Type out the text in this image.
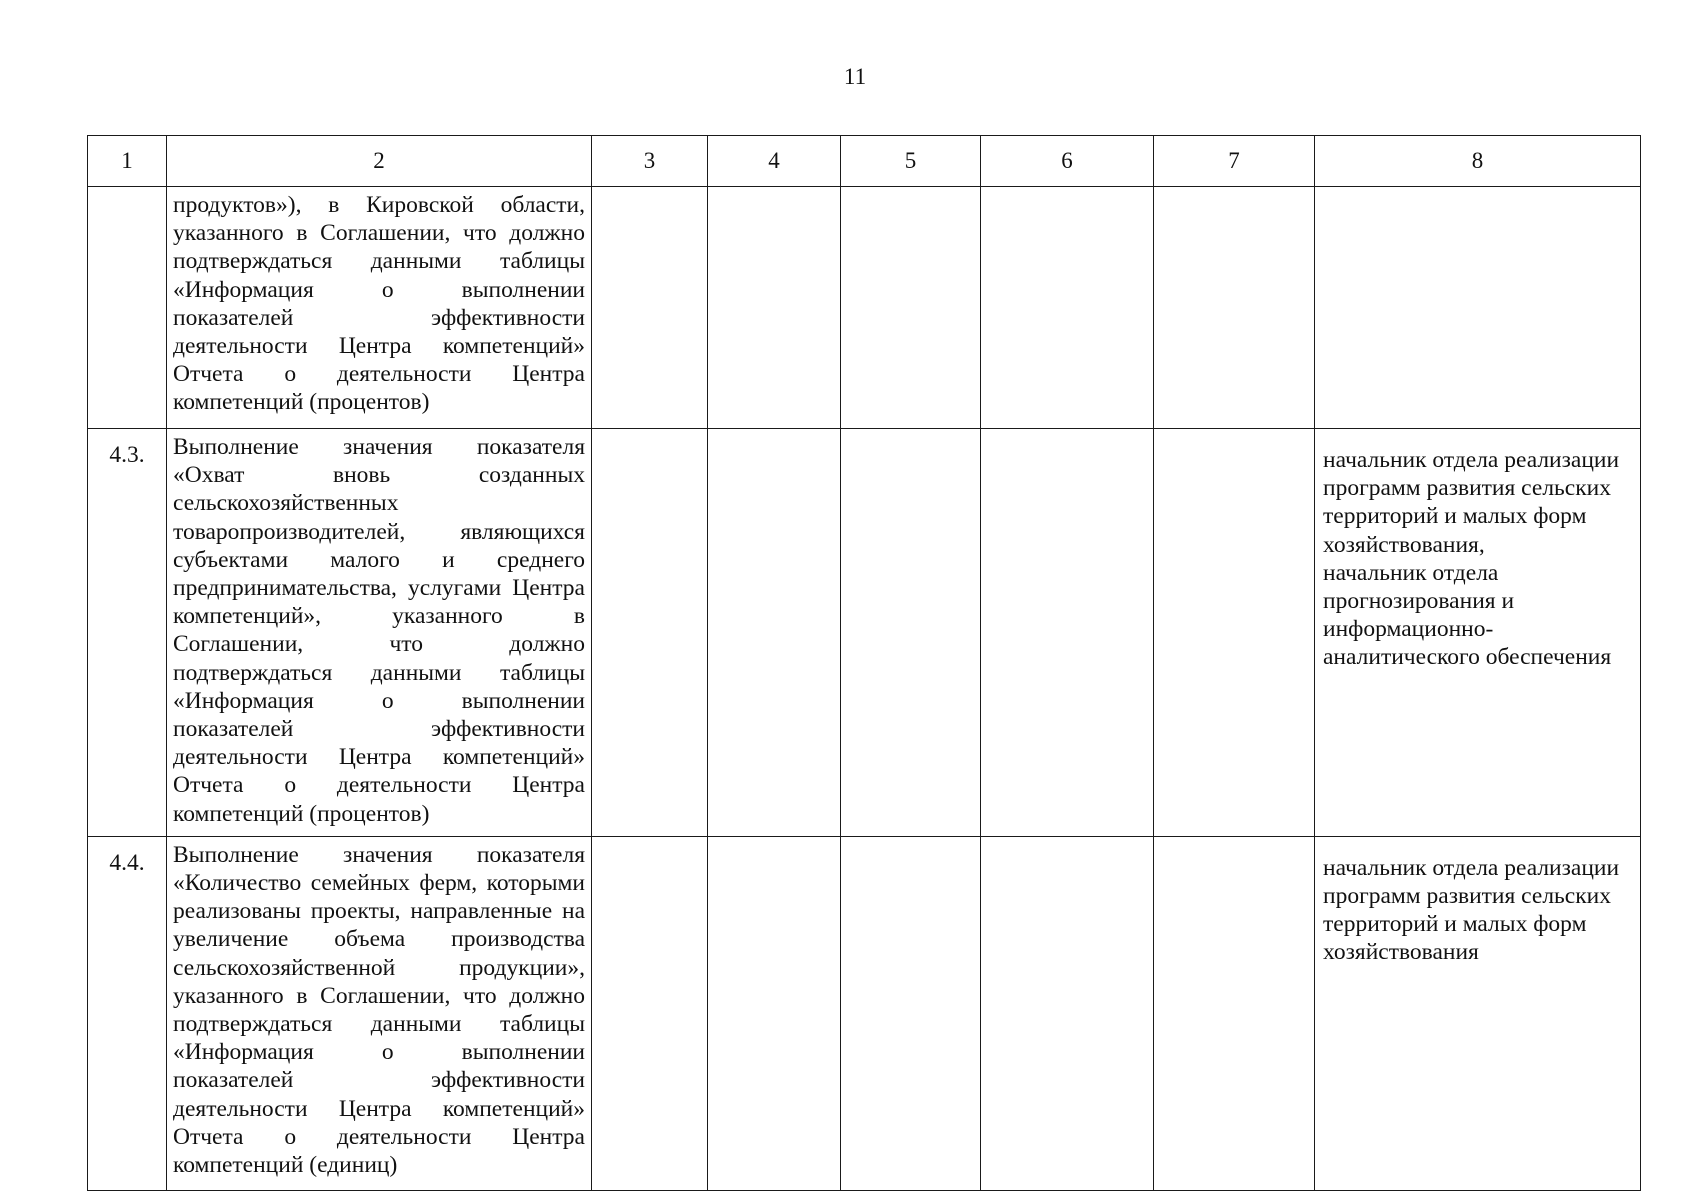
11
1	2	3	4	5	6	7	8
	продуктов»), в Кировской области, указанного в Соглашении, что должно подтверждаться данными таблицы «Информация о выполнении показателей эффективности деятельности Центра компетенций» Отчета о деятельности Центра компетенций (процентов)						
4.3.	Выполнение значения показателя «Охват вновь созданных сельскохозяйственных товаропроизводителей, являющихся субъектами малого и среднего предпринимательства, услугами Центра компетенций», указанного в Соглашении, что должно подтверждаться данными таблицы «Информация о выполнении показателей эффективности деятельности Центра компетенций» Отчета о деятельности Центра компетенций (процентов)						начальник отдела реализации программ развития сельских территорий и малых форм хозяйствования,
начальник отдела прогнозирования и информационно-аналитического обеспечения

4.4.	Выполнение значения показателя «Количество семейных ферм, которыми реализованы проекты, направленные на увеличение объема производства сельскохозяйственной продукции», указанного в Соглашении, что должно подтверждаться данными таблицы «Информация о выполнении показателей эффективности деятельности Центра компетенций» Отчета о деятельности Центра компетенций (единиц)						начальник отдела реализации программ развития сельских территорий и малых форм хозяйствования
